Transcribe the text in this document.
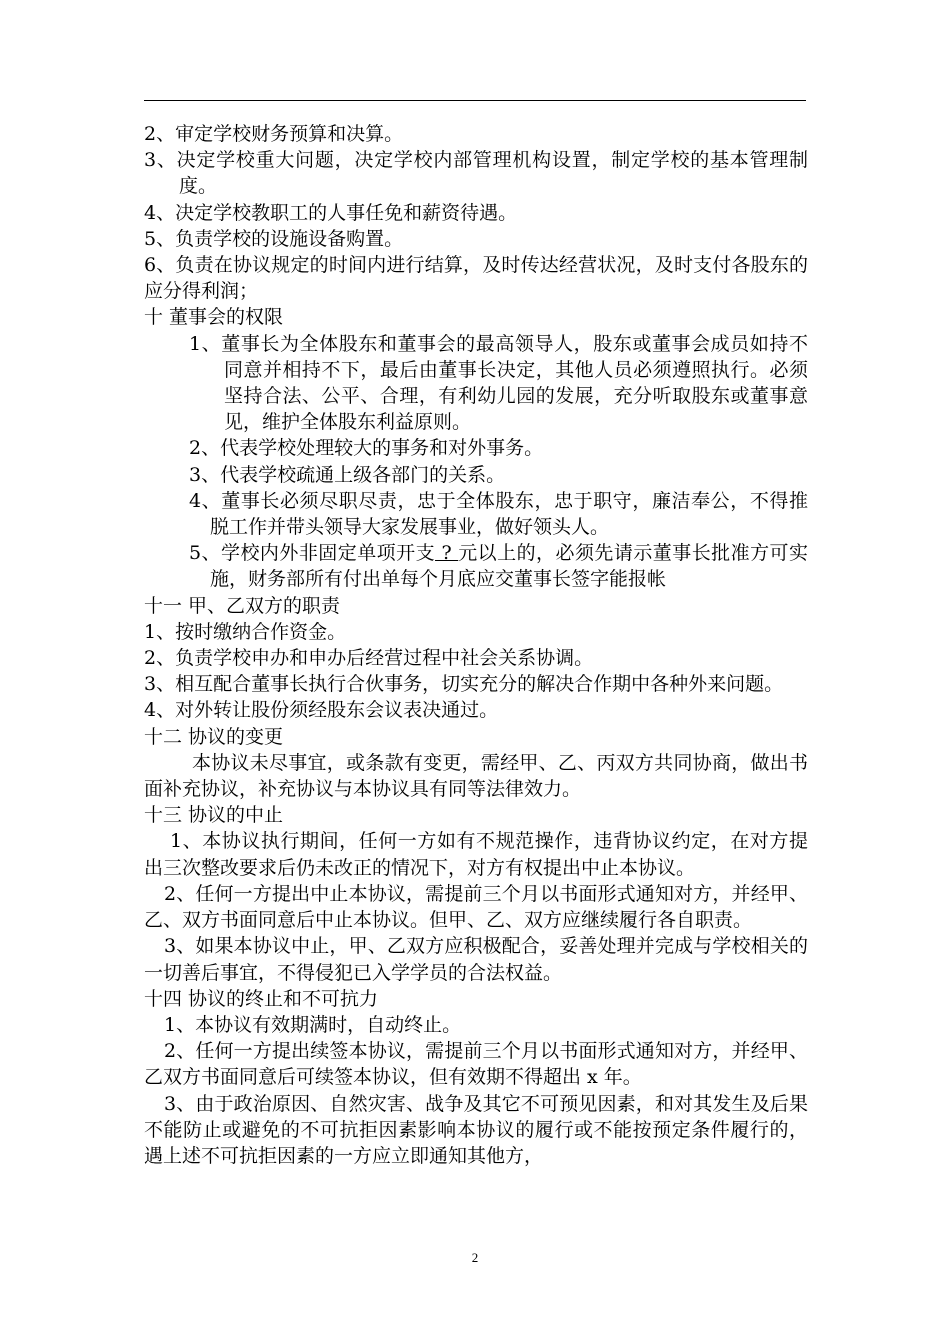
2、审定学校财务预算和决算。

3、决定学校重大问题，决定学校内部管理机构设置，制定学校的基本管理制度。

4、决定学校教职工的人事任免和薪资待遇。

5、负责学校的设施设备购置。

6、负责在协议规定的时间内进行结算，及时传达经营状况，及时支付各股东的应分得利润；

十 董事会的权限

1、董事长为全体股东和董事会的最高领导人，股东或董事会成员如持不同意并相持不下，最后由董事长决定，其他人员必须遵照执行。必须坚持合法、公平、合理，有利幼儿园的发展，充分听取股东或董事意见，维护全体股东利益原则。

2、代表学校处理较大的事务和对外事务。

3、代表学校疏通上级各部门的关系。

4、董事长必须尽职尽责，忠于全体股东，忠于职守，廉洁奉公，不得推脱工作并带头领导大家发展事业，做好领头人。

5、学校内外非固定单项开支 ? 元以上的，必须先请示董事长批准方可实施，财务部所有付出单每个月底应交董事长签字能报帐

十一 甲、乙双方的职责

1、按时缴纳合作资金。

2、负责学校申办和申办后经营过程中社会关系协调。

3、相互配合董事长执行合伙事务，切实充分的解决合作期中各种外来问题。

4、对外转让股份须经股东会议表决通过。

十二 协议的变更

本协议未尽事宜，或条款有变更，需经甲、乙、丙双方共同协商，做出书面补充协议，补充协议与本协议具有同等法律效力。

十三 协议的中止

1、本协议执行期间，任何一方如有不规范操作，违背协议约定，在对方提出三次整改要求后仍未改正的情况下，对方有权提出中止本协议。

2、任何一方提出中止本协议，需提前三个月以书面形式通知对方，并经甲、乙、双方书面同意后中止本协议。但甲、乙、双方应继续履行各自职责。

3、如果本协议中止，甲、乙双方应积极配合，妥善处理并完成与学校相关的一切善后事宜，不得侵犯已入学学员的合法权益。

十四 协议的终止和不可抗力

1、本协议有效期满时，自动终止。

2、任何一方提出续签本协议，需提前三个月以书面形式通知对方，并经甲、乙双方书面同意后可续签本协议，但有效期不得超出 x 年。

3、由于政治原因、自然灾害、战争及其它不可预见因素，和对其发生及后果不能防止或避免的不可抗拒因素影响本协议的履行或不能按预定条件履行的，遇上述不可抗拒因素的一方应立即通知其他方，

2
